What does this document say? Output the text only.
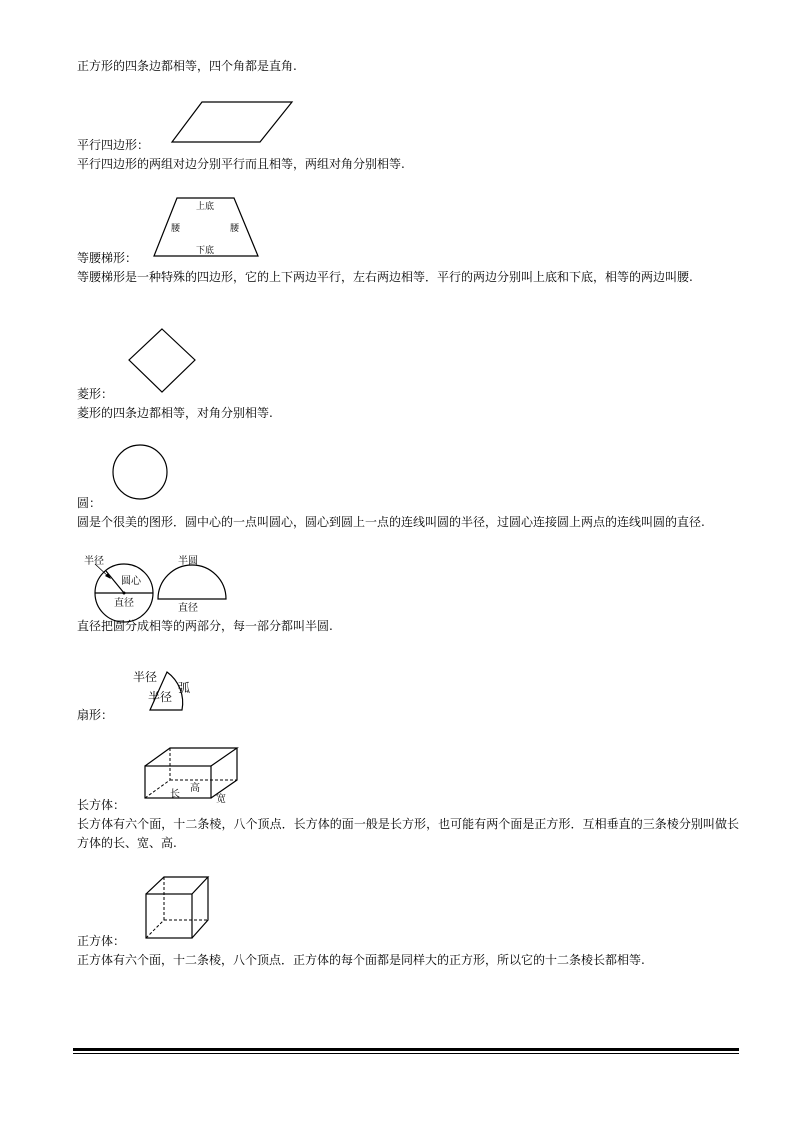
正方形的四条边都相等，四个角都是直角.
平行四边形：
平行四边形的两组对边分别平行而且相等，两组对角分别相等.
上底
腰	腰
下底
等腰梯形：
等腰梯形是一种特殊的四边形，它的上下两边平行，左右两边相等．平行的两边分别叫上底和下底，相等的两边叫腰.
菱形：
菱形的四条边都相等，对角分别相等.
圆：
圆是个很美的图形．圆中心的一点叫圆心，圆心到圆上一点的连线叫圆的半径，过圆心连接圆上两点的连线叫圆的直径.
半径
圆心
直径
半圆
直径
直径把圆分成相等的两部分，每一部分都叫半圆.
半径
半径
弧
扇形：
长
高
宽
长方体：
长方体有六个面，十二条棱，八个顶点．长方体的面一般是长方形，也可能有两个面是正方形．互相垂直的三条棱分别叫做长方体的长、宽、高.
正方体：
正方体有六个面，十二条棱，八个顶点．正方体的每个面都是同样大的正方形，所以它的十二条棱长都相等.
